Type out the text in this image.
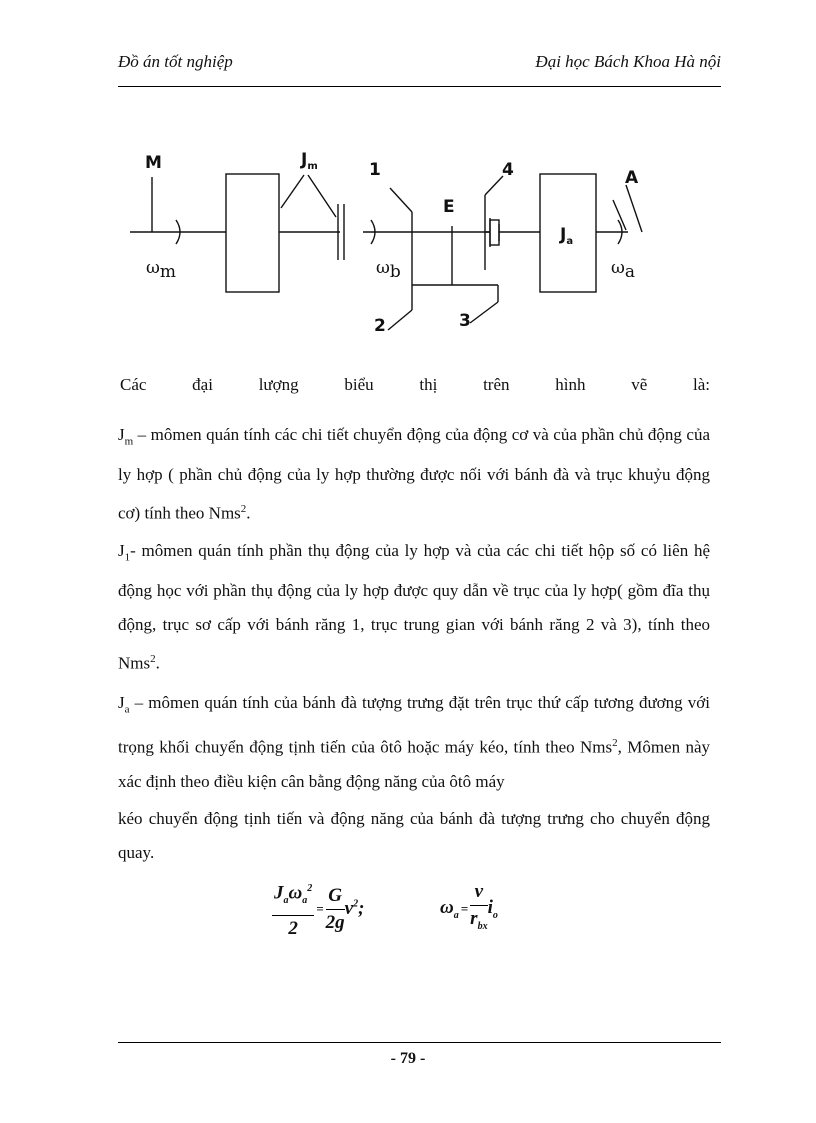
Đồ án tốt nghiệp	Đại học Bách Khoa Hà nội
M	$J_m$	1
E
4	A
$J_a$
2	3
ωm	ωb	ωa
Các	đại	lượng	biểu	thị	trên	hình	vẽ	là:
$J_m$ – mômen quán tính các chi tiết chuyển động của động cơ và của phần chủ động của ly hợp ( phần chủ động của ly hợp thường được nối với bánh đà và trục khuỷu động cơ) tính theo Nms$^2$.
$J_1-$ mômen quán tính phần thụ động của ly hợp và của các chi tiết hộp số có liên hệ động học với phần thụ động của ly hợp được quy dẫn về trục của ly hợp( gồm đĩa thụ động, trục sơ cấp với bánh răng 1, trục trung gian với bánh răng 2 và 3), tính theo Nms$^2$.
$J_a$ – mômen quán tính của bánh đà tượng trưng đặt trên trục thứ cấp tương đương với trọng khối chuyển động tịnh tiến của ôtô hoặc máy kéo, tính theo Nms$^2$, Mômen này xác định theo điều kiện cân bằng động năng của ôtô máy
kéo chuyển động tịnh tiến và động năng của bánh đà tượng trưng cho chuyển động quay.
$\frac{J_a\omega_a^2}{2} = \frac{G}{2g} v^2$;	$\omega_a = \frac{v}{r_{bx}} i_o$
- 79 -
